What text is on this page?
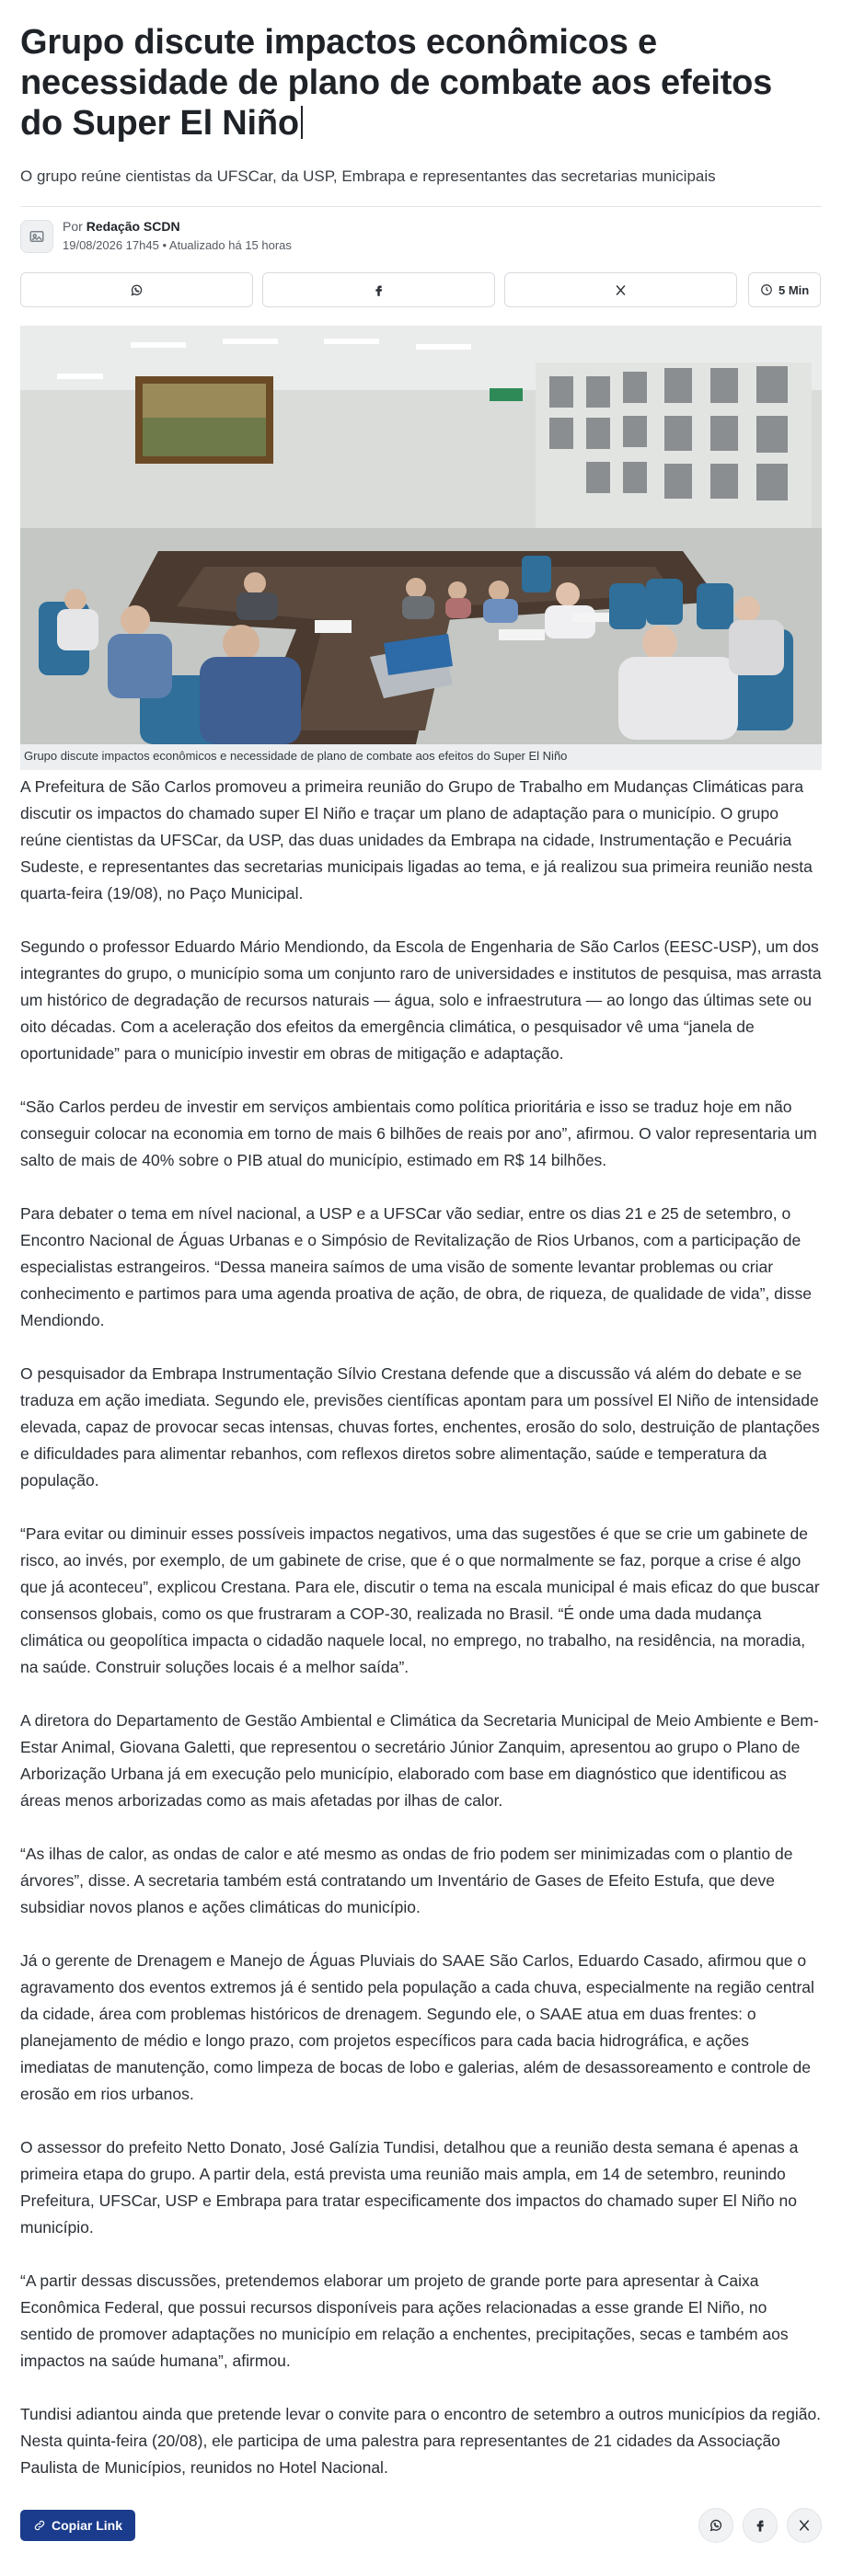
Grupo discute impactos econômicos e necessidade de plano de combate aos efeitos do Super El Niño

O grupo reúne cientistas da UFSCar, da USP, Embrapa e representantes das secretarias municipais

Por Redação SCDN
19/08/2026 17h45 • Atualizado há 15 horas
5 Min
Grupo discute impactos econômicos e necessidade de plano de combate aos efeitos do Super El Niño

A Prefeitura de São Carlos promoveu a primeira reunião do Grupo de Trabalho em Mudanças Climáticas para discutir os impactos do chamado super El Niño e traçar um plano de adaptação para o município. O grupo reúne cientistas da UFSCar, da USP, das duas unidades da Embrapa na cidade, Instrumentação e Pecuária Sudeste, e representantes das secretarias municipais ligadas ao tema, e já realizou sua primeira reunião nesta quarta-feira (19/08), no Paço Municipal.

Segundo o professor Eduardo Mário Mendiondo, da Escola de Engenharia de São Carlos (EESC-USP), um dos integrantes do grupo, o município soma um conjunto raro de universidades e institutos de pesquisa, mas arrasta um histórico de degradação de recursos naturais — água, solo e infraestrutura — ao longo das últimas sete ou oito décadas. Com a aceleração dos efeitos da emergência climática, o pesquisador vê uma “janela de oportunidade” para o município investir em obras de mitigação e adaptação.

“São Carlos perdeu de investir em serviços ambientais como política prioritária e isso se traduz hoje em não conseguir colocar na economia em torno de mais 6 bilhões de reais por ano”, afirmou. O valor representaria um salto de mais de 40% sobre o PIB atual do município, estimado em R$ 14 bilhões.

Para debater o tema em nível nacional, a USP e a UFSCar vão sediar, entre os dias 21 e 25 de setembro, o Encontro Nacional de Águas Urbanas e o Simpósio de Revitalização de Rios Urbanos, com a participação de especialistas estrangeiros. “Dessa maneira saímos de uma visão de somente levantar problemas ou criar conhecimento e partimos para uma agenda proativa de ação, de obra, de riqueza, de qualidade de vida”, disse Mendiondo.

O pesquisador da Embrapa Instrumentação Sílvio Crestana defende que a discussão vá além do debate e se traduza em ação imediata. Segundo ele, previsões científicas apontam para um possível El Niño de intensidade elevada, capaz de provocar secas intensas, chuvas fortes, enchentes, erosão do solo, destruição de plantações e dificuldades para alimentar rebanhos, com reflexos diretos sobre alimentação, saúde e temperatura da população.

“Para evitar ou diminuir esses possíveis impactos negativos, uma das sugestões é que se crie um gabinete de risco, ao invés, por exemplo, de um gabinete de crise, que é o que normalmente se faz, porque a crise é algo que já aconteceu”, explicou Crestana. Para ele, discutir o tema na escala municipal é mais eficaz do que buscar consensos globais, como os que frustraram a COP-30, realizada no Brasil. “É onde uma dada mudança climática ou geopolítica impacta o cidadão naquele local, no emprego, no trabalho, na residência, na moradia, na saúde. Construir soluções locais é a melhor saída”.

A diretora do Departamento de Gestão Ambiental e Climática da Secretaria Municipal de Meio Ambiente e Bem-Estar Animal, Giovana Galetti, que representou o secretário Júnior Zanquim, apresentou ao grupo o Plano de Arborização Urbana já em execução pelo município, elaborado com base em diagnóstico que identificou as áreas menos arborizadas como as mais afetadas por ilhas de calor.

“As ilhas de calor, as ondas de calor e até mesmo as ondas de frio podem ser minimizadas com o plantio de árvores”, disse. A secretaria também está contratando um Inventário de Gases de Efeito Estufa, que deve subsidiar novos planos e ações climáticas do município.

Já o gerente de Drenagem e Manejo de Águas Pluviais do SAAE São Carlos, Eduardo Casado, afirmou que o agravamento dos eventos extremos já é sentido pela população a cada chuva, especialmente na região central da cidade, área com problemas históricos de drenagem. Segundo ele, o SAAE atua em duas frentes: o planejamento de médio e longo prazo, com projetos específicos para cada bacia hidrográfica, e ações imediatas de manutenção, como limpeza de bocas de lobo e galerias, além de desassoreamento e controle de erosão em rios urbanos.

O assessor do prefeito Netto Donato, José Galízia Tundisi, detalhou que a reunião desta semana é apenas a primeira etapa do grupo. A partir dela, está prevista uma reunião mais ampla, em 14 de setembro, reunindo Prefeitura, UFSCar, USP e Embrapa para tratar especificamente dos impactos do chamado super El Niño no município.

“A partir dessas discussões, pretendemos elaborar um projeto de grande porte para apresentar à Caixa Econômica Federal, que possui recursos disponíveis para ações relacionadas a esse grande El Niño, no sentido de promover adaptações no município em relação a enchentes, precipitações, secas e também aos impactos na saúde humana”, afirmou.

Tundisi adiantou ainda que pretende levar o convite para o encontro de setembro a outros municípios da região. Nesta quinta-feira (20/08), ele participa de uma palestra para representantes de 21 cidades da Associação Paulista de Municípios, reunidos no Hotel Nacional.

Copiar Link
